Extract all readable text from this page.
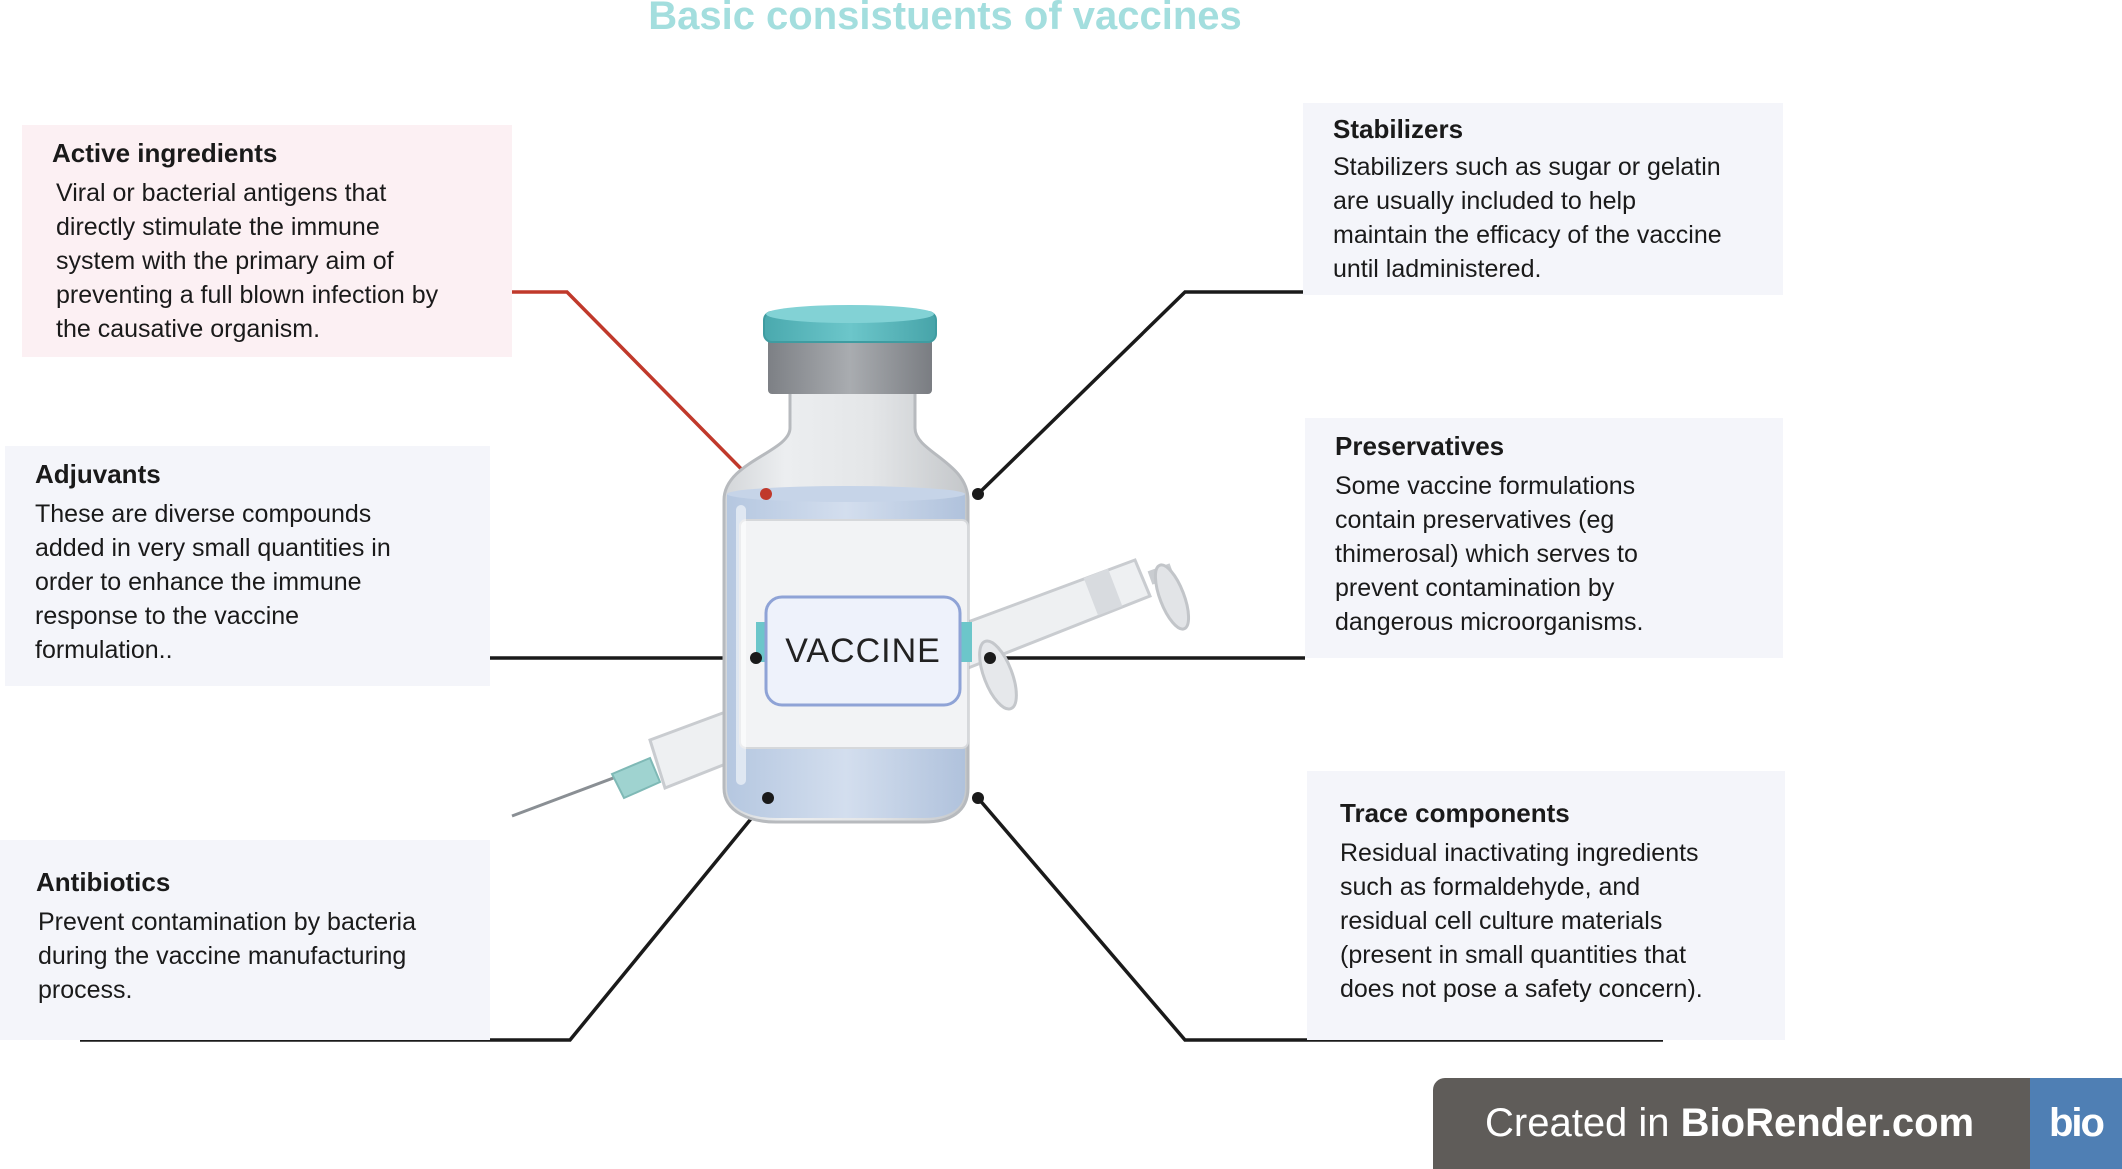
Basic consistuents of vaccines
VACCINE
Active ingredients

Viral or bacterial antigens that
directly stimulate the immune
system with the primary aim of
preventing a full blown infection by
the causative organism.

Adjuvants

These are diverse compounds
added in very small quantities in
order to enhance the immune
response to the vaccine
formulation..

Antibiotics

Prevent contamination by bacteria
during the vaccine manufacturing
process.

Stabilizers

Stabilizers such as sugar or gelatin
are usually included to help
maintain the efficacy of the vaccine
until ladministered.

Preservatives

Some vaccine formulations
contain preservatives (eg
thimerosal) which serves to
prevent contamination by
dangerous microorganisms.

Trace components

Residual inactivating ingredients
such as formaldehyde, and
residual cell culture materials
(present in small quantities that
does not pose a safety concern).

Created in BioRender.com	bio
